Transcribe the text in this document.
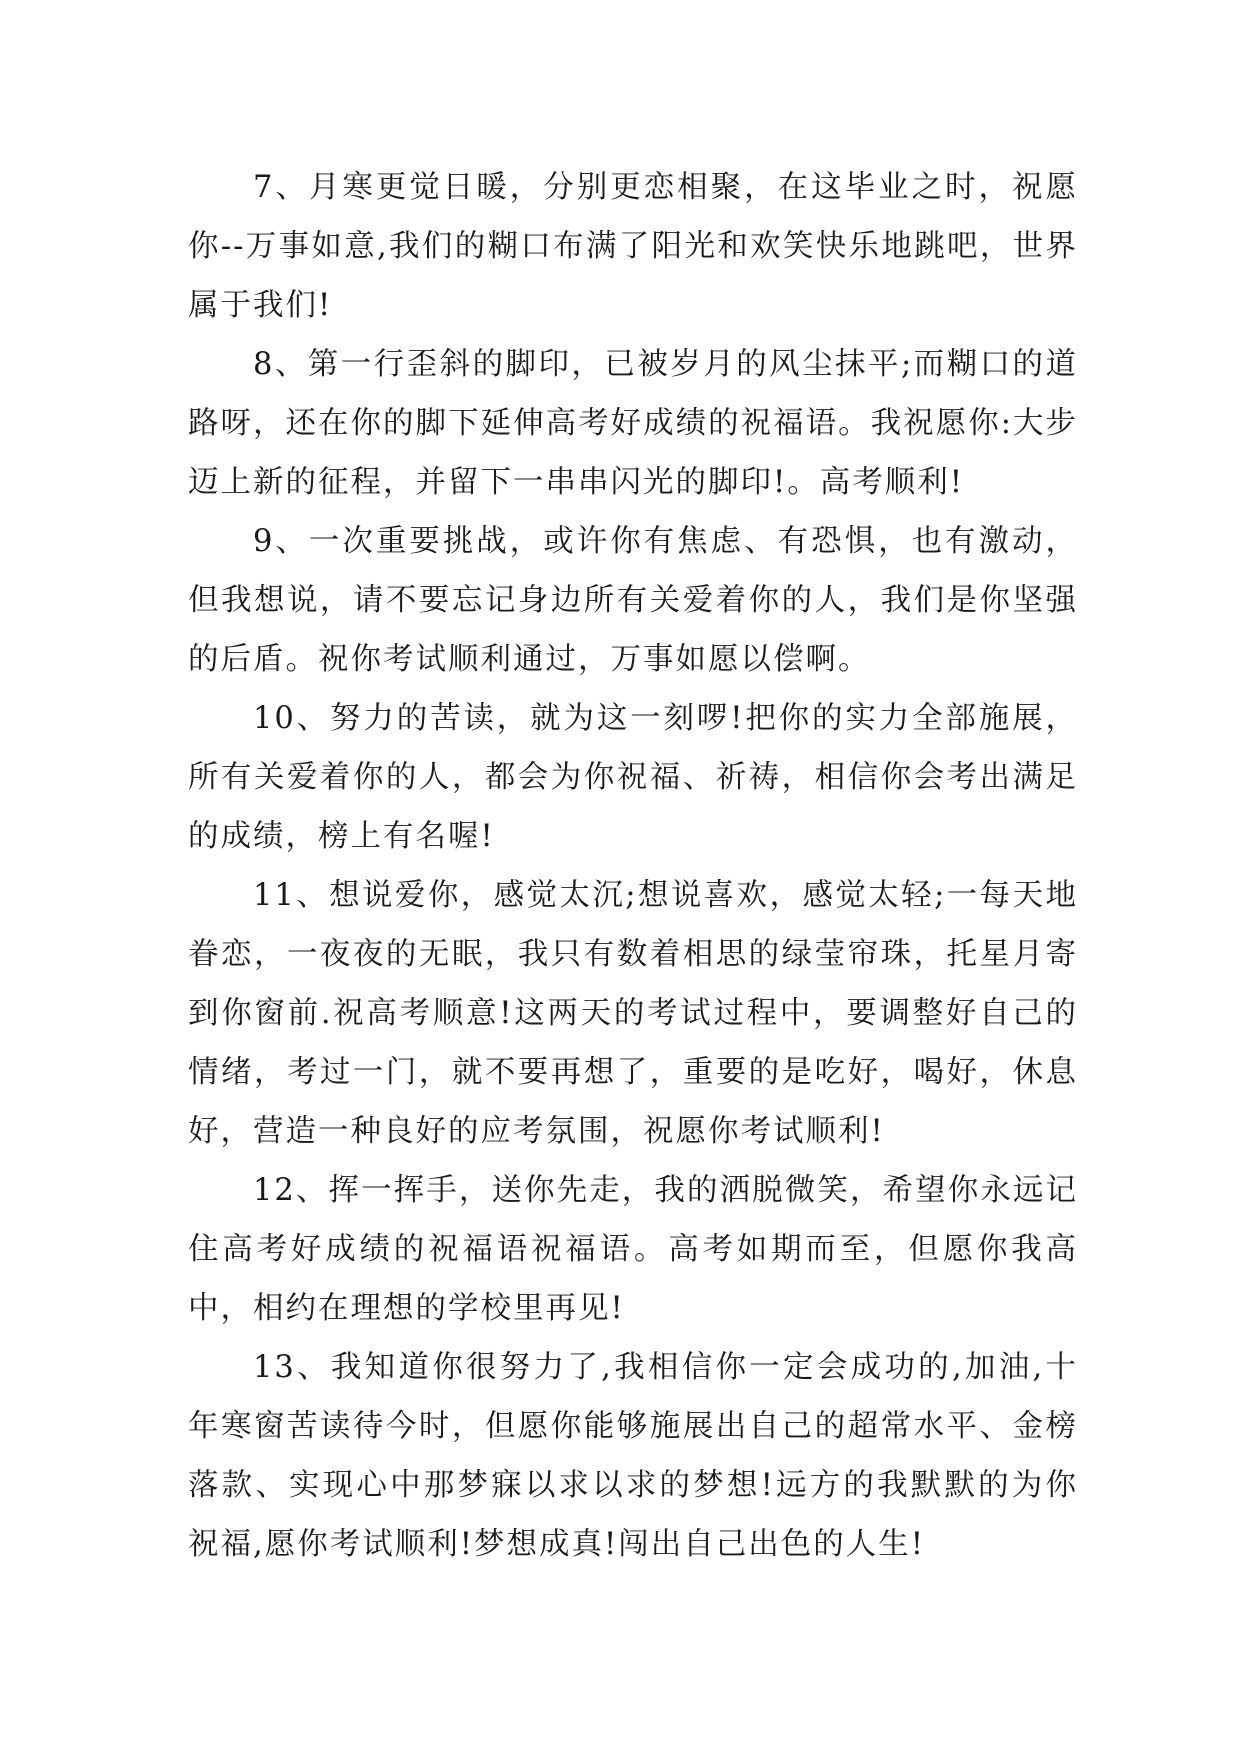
7、月寒更觉日暖，分别更恋相聚，在这毕业之时，祝愿你--万事如意,我们的糊口布满了阳光和欢笑快乐地跳吧，世界属于我们!

8、第一行歪斜的脚印，已被岁月的风尘抹平;而糊口的道路呀，还在你的脚下延伸高考好成绩的祝福语。我祝愿你:大步迈上新的征程，并留下一串串闪光的脚印!。高考顺利!

9、一次重要挑战，或许你有焦虑、有恐惧，也有激动，但我想说，请不要忘记身边所有关爱着你的人，我们是你坚强的后盾。祝你考试顺利通过，万事如愿以偿啊。

10、努力的苦读，就为这一刻啰!把你的实力全部施展，所有关爱着你的人，都会为你祝福、祈祷，相信你会考出满足的成绩，榜上有名喔!

11、想说爱你，感觉太沉;想说喜欢，感觉太轻;一每天地眷恋，一夜夜的无眠，我只有数着相思的绿莹帘珠，托星月寄到你窗前.祝高考顺意!这两天的考试过程中，要调整好自己的情绪，考过一门，就不要再想了，重要的是吃好，喝好，休息好，营造一种良好的应考氛围，祝愿你考试顺利!

12、挥一挥手，送你先走，我的洒脱微笑，希望你永远记住高考好成绩的祝福语祝福语。高考如期而至，但愿你我高中，相约在理想的学校里再见!

13、我知道你很努力了,我相信你一定会成功的,加油,十年寒窗苦读待今时，但愿你能够施展出自己的超常水平、金榜落款、实现心中那梦寐以求以求的梦想!远方的我默默的为你祝福,愿你考试顺利!梦想成真!闯出自己出色的人生!
